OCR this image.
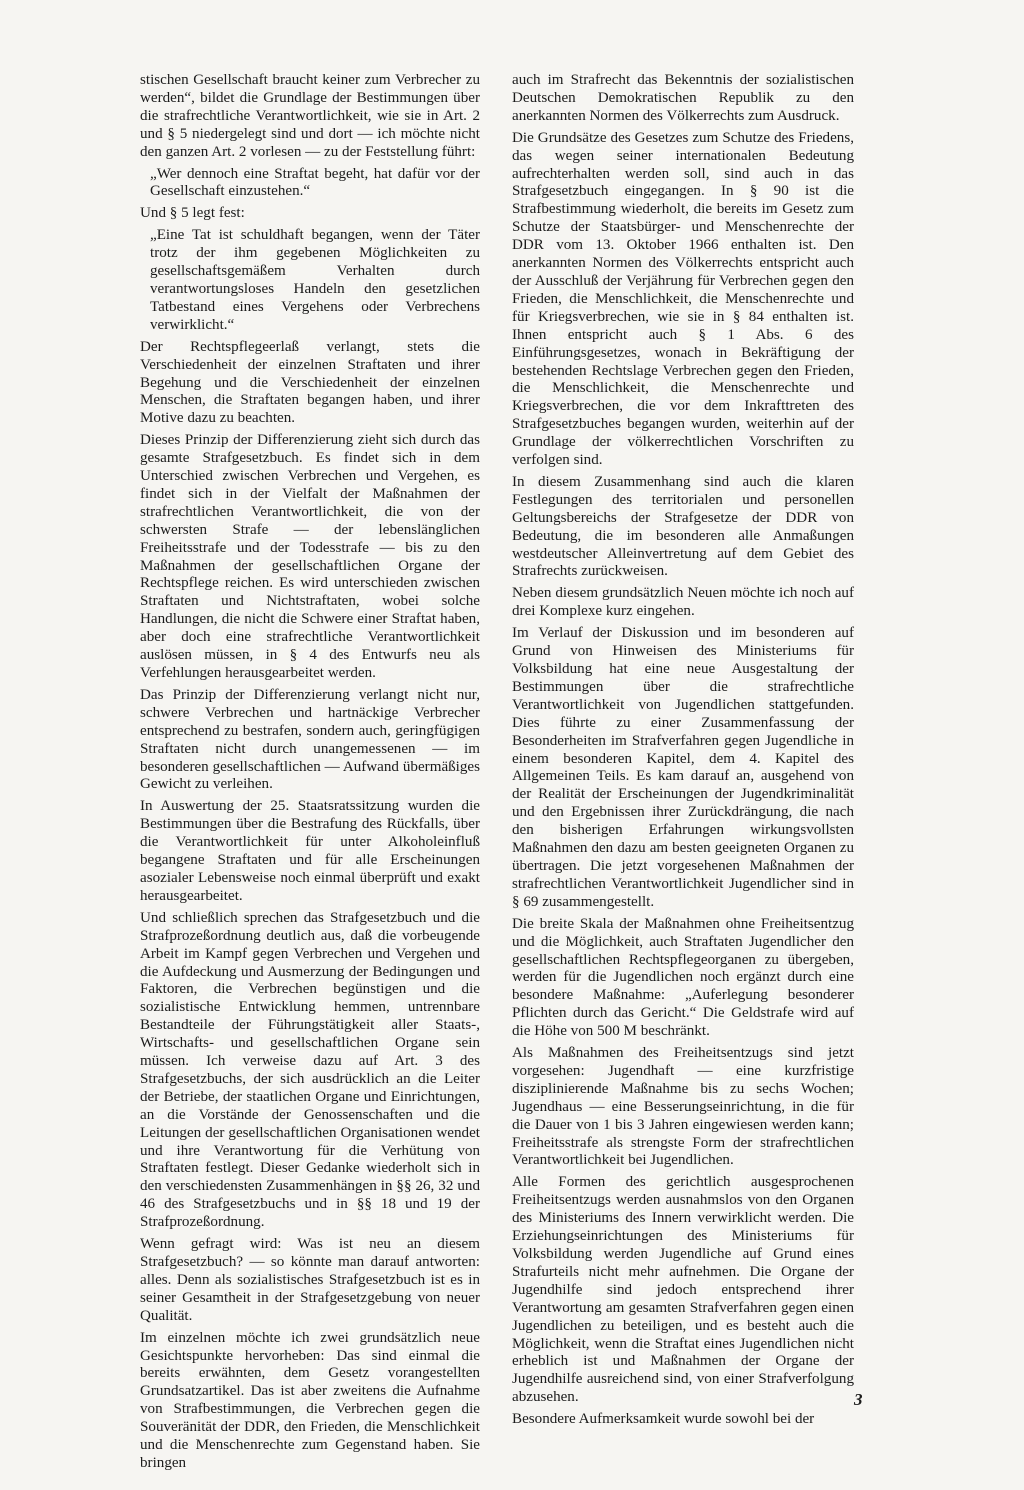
stischen Gesellschaft braucht keiner zum Verbrecher zu werden“, bildet die Grundlage der Bestimmungen über die strafrechtliche Verantwortlichkeit, wie sie in Art. 2 und § 5 niedergelegt sind und dort — ich möchte nicht den ganzen Art. 2 vorlesen — zu der Feststellung führt:

„Wer dennoch eine Straftat begeht, hat dafür vor der Gesellschaft einzustehen.“

Und § 5 legt fest:

„Eine Tat ist schuldhaft begangen, wenn der Täter trotz der ihm gegebenen Möglichkeiten zu gesellschaftsgemäßem Verhalten durch verantwortungsloses Handeln den gesetzlichen Tatbestand eines Vergehens oder Verbrechens verwirklicht.“

Der Rechtspflegeerlaß verlangt, stets die Verschiedenheit der einzelnen Straftaten und ihrer Begehung und die Verschiedenheit der einzelnen Menschen, die Straftaten begangen haben, und ihrer Motive dazu zu beachten.

Dieses Prinzip der Differenzierung zieht sich durch das gesamte Strafgesetzbuch. Es findet sich in dem Unterschied zwischen Verbrechen und Vergehen, es findet sich in der Vielfalt der Maßnahmen der strafrechtlichen Verantwortlichkeit, die von der schwersten Strafe — der lebenslänglichen Freiheitsstrafe und der Todesstrafe — bis zu den Maßnahmen der gesellschaftlichen Organe der Rechtspflege reichen. Es wird unterschieden zwischen Straftaten und Nichtstraftaten, wobei solche Handlungen, die nicht die Schwere einer Straftat haben, aber doch eine strafrechtliche Verantwortlichkeit auslösen müssen, in § 4 des Entwurfs neu als Verfehlungen herausgearbeitet werden.

Das Prinzip der Differenzierung verlangt nicht nur, schwere Verbrechen und hartnäckige Verbrecher entsprechend zu bestrafen, sondern auch, geringfügigen Straftaten nicht durch unangemessenen — im besonderen gesellschaftlichen — Aufwand übermäßiges Gewicht zu verleihen.

In Auswertung der 25. Staatsratssitzung wurden die Bestimmungen über die Bestrafung des Rückfalls, über die Verantwortlichkeit für unter Alkoholeinfluß begangene Straftaten und für alle Erscheinungen asozialer Lebensweise noch einmal überprüft und exakt herausgearbeitet.

Und schließlich sprechen das Strafgesetzbuch und die Strafprozeßordnung deutlich aus, daß die vorbeugende Arbeit im Kampf gegen Verbrechen und Vergehen und die Aufdeckung und Ausmerzung der Bedingungen und Faktoren, die Verbrechen begünstigen und die sozialistische Entwicklung hemmen, untrennbare Bestandteile der Führungstätigkeit aller Staats-, Wirtschafts- und gesellschaftlichen Organe sein müssen. Ich verweise dazu auf Art. 3 des Strafgesetzbuchs, der sich ausdrücklich an die Leiter der Betriebe, der staatlichen Organe und Einrichtungen, an die Vorstände der Genossenschaften und die Leitungen der gesellschaftlichen Organisationen wendet und ihre Verantwortung für die Verhütung von Straftaten festlegt. Dieser Gedanke wiederholt sich in den verschiedensten Zusammenhängen in §§ 26, 32 und 46 des Strafgesetzbuchs und in §§ 18 und 19 der Strafprozeßordnung.

Wenn gefragt wird: Was ist neu an diesem Strafgesetzbuch? — so könnte man darauf antworten: alles. Denn als sozialistisches Strafgesetzbuch ist es in seiner Gesamtheit in der Strafgesetzgebung von neuer Qualität.

Im einzelnen möchte ich zwei grundsätzlich neue Gesichtspunkte hervorheben: Das sind einmal die bereits erwähnten, dem Gesetz vorangestellten Grundsatzartikel. Das ist aber zweitens die Aufnahme von Strafbestimmungen, die Verbrechen gegen die Souveränität der DDR, den Frieden, die Menschlichkeit und die Menschenrechte zum Gegenstand haben. Sie bringen

auch im Strafrecht das Bekenntnis der sozialistischen Deutschen Demokratischen Republik zu den anerkannten Normen des Völkerrechts zum Ausdruck.

Die Grundsätze des Gesetzes zum Schutze des Friedens, das wegen seiner internationalen Bedeutung aufrechterhalten werden soll, sind auch in das Strafgesetzbuch eingegangen. In § 90 ist die Strafbestimmung wiederholt, die bereits im Gesetz zum Schutze der Staatsbürger- und Menschenrechte der DDR vom 13. Oktober 1966 enthalten ist. Den anerkannten Normen des Völkerrechts entspricht auch der Ausschluß der Verjährung für Verbrechen gegen den Frieden, die Menschlichkeit, die Menschenrechte und für Kriegsverbrechen, wie sie in § 84 enthalten ist. Ihnen entspricht auch § 1 Abs. 6 des Einführungsgesetzes, wonach in Bekräftigung der bestehenden Rechtslage Verbrechen gegen den Frieden, die Menschlichkeit, die Menschenrechte und Kriegsverbrechen, die vor dem Inkrafttreten des Strafgesetzbuches begangen wurden, weiterhin auf der Grundlage der völkerrechtlichen Vorschriften zu verfolgen sind.

In diesem Zusammenhang sind auch die klaren Festlegungen des territorialen und personellen Geltungsbereichs der Strafgesetze der DDR von Bedeutung, die im besonderen alle Anmaßungen westdeutscher Alleinvertretung auf dem Gebiet des Strafrechts zurückweisen.

Neben diesem grundsätzlich Neuen möchte ich noch auf drei Komplexe kurz eingehen.

Im Verlauf der Diskussion und im besonderen auf Grund von Hinweisen des Ministeriums für Volksbildung hat eine neue Ausgestaltung der Bestimmungen über die strafrechtliche Verantwortlichkeit von Jugendlichen stattgefunden. Dies führte zu einer Zusammenfassung der Besonderheiten im Strafverfahren gegen Jugendliche in einem besonderen Kapitel, dem 4. Kapitel des Allgemeinen Teils. Es kam darauf an, ausgehend von der Realität der Erscheinungen der Jugendkriminalität und den Ergebnissen ihrer Zurückdrängung, die nach den bisherigen Erfahrungen wirkungsvollsten Maßnahmen den dazu am besten geeigneten Organen zu übertragen. Die jetzt vorgesehenen Maßnahmen der strafrechtlichen Verantwortlichkeit Jugendlicher sind in § 69 zusammengestellt.

Die breite Skala der Maßnahmen ohne Freiheitsentzug und die Möglichkeit, auch Straftaten Jugendlicher den gesellschaftlichen Rechtspflegeorganen zu übergeben, werden für die Jugendlichen noch ergänzt durch eine besondere Maßnahme: „Auferlegung besonderer Pflichten durch das Gericht.“ Die Geldstrafe wird auf die Höhe von 500 M beschränkt.

Als Maßnahmen des Freiheitsentzugs sind jetzt vorgesehen: Jugendhaft — eine kurzfristige disziplinierende Maßnahme bis zu sechs Wochen; Jugendhaus — eine Besserungseinrichtung, in die für die Dauer von 1 bis 3 Jahren eingewiesen werden kann; Freiheitsstrafe als strengste Form der strafrechtlichen Verantwortlichkeit bei Jugendlichen.

Alle Formen des gerichtlich ausgesprochenen Freiheitsentzugs werden ausnahmslos von den Organen des Ministeriums des Innern verwirklicht werden. Die Erziehungseinrichtungen des Ministeriums für Volksbildung werden Jugendliche auf Grund eines Strafurteils nicht mehr aufnehmen. Die Organe der Jugendhilfe sind jedoch entsprechend ihrer Verantwortung am gesamten Strafverfahren gegen einen Jugendlichen zu beteiligen, und es besteht auch die Möglichkeit, wenn die Straftat eines Jugendlichen nicht erheblich ist und Maßnahmen der Organe der Jugendhilfe ausreichend sind, von einer Strafverfolgung abzusehen.

Besondere Aufmerksamkeit wurde sowohl bei der

3
